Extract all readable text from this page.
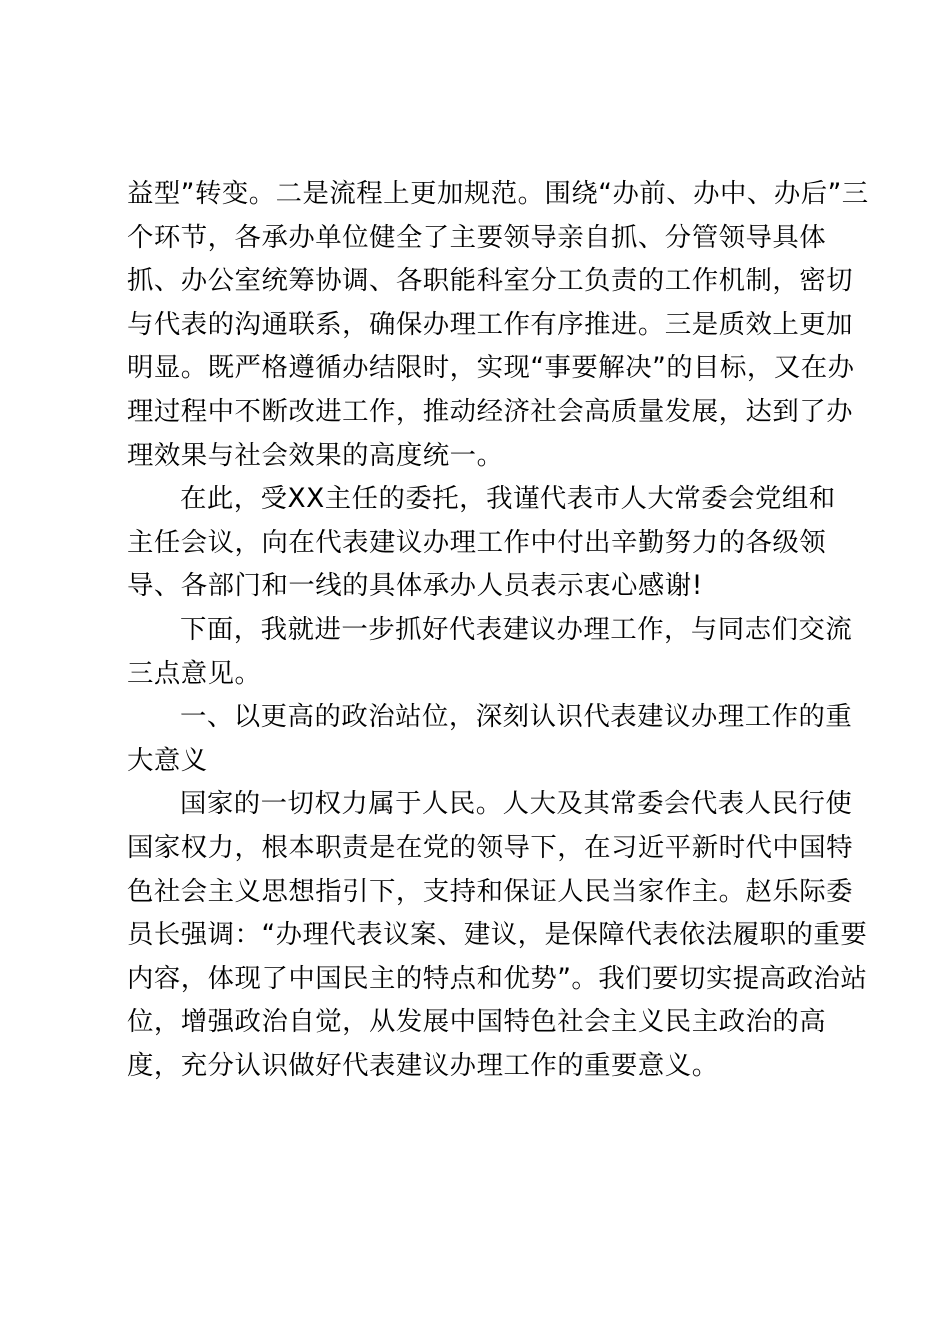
益型”转变。二是流程上更加规范。围绕“办前、办中、办后”三
个环节，各承办单位健全了主要领导亲自抓、分管领导具体
抓、办公室统筹协调、各职能科室分工负责的工作机制，密切
与代表的沟通联系，确保办理工作有序推进。三是质效上更加
明显。既严格遵循办结限时，实现“事要解决”的目标，又在办
理过程中不断改进工作，推动经济社会高质量发展，达到了办
理效果与社会效果的高度统一。
在此，受XX主任的委托，我谨代表市人大常委会党组和
主任会议，向在代表建议办理工作中付出辛勤努力的各级领
导、各部门和一线的具体承办人员表示衷心感谢!
下面，我就进一步抓好代表建议办理工作，与同志们交流
三点意见。
一、以更高的政治站位，深刻认识代表建议办理工作的重
大意义
国家的一切权力属于人民。人大及其常委会代表人民行使
国家权力，根本职责是在党的领导下，在习近平新时代中国特
色社会主义思想指引下，支持和保证人民当家作主。赵乐际委
员长强调：“办理代表议案、建议，是保障代表依法履职的重要
内容，体现了中国民主的特点和优势”。我们要切实提高政治站
位，增强政治自觉，从发展中国特色社会主义民主政治的高
度，充分认识做好代表建议办理工作的重要意义。
